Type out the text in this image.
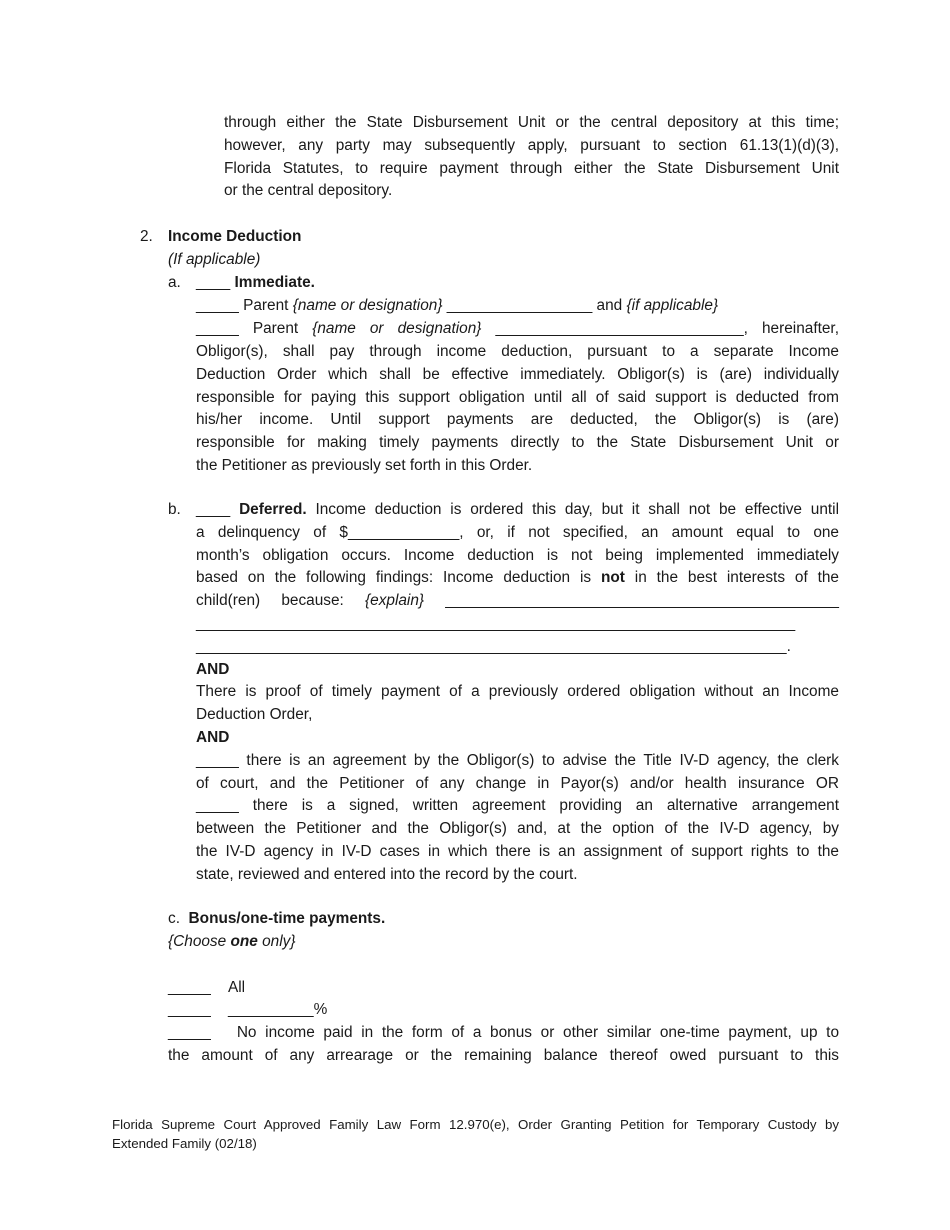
through either the State Disbursement Unit or the central depository at this time;
however, any party may subsequently apply, pursuant to section 61.13(1)(d)(3),
Florida Statutes, to require payment through either the State Disbursement Unit
or the central depository.
2. Income Deduction
(If applicable)
a. ____ Immediate.
_____ Parent {name or designation} _________________ and {if applicable}
_____ Parent {name or designation} _____________________________, hereinafter,
Obligor(s), shall pay through income deduction, pursuant to a separate Income
Deduction Order which shall be effective immediately. Obligor(s) is (are) individually
responsible for paying this support obligation until all of said support is deducted from
his/her income. Until support payments are deducted, the Obligor(s) is (are)
responsible for making timely payments directly to the State Disbursement Unit or
the Petitioner as previously set forth in this Order.
b. ____ Deferred. Income deduction is ordered this day, but it shall not be effective until
a delinquency of $_____________, or, if not specified, an amount equal to one
month’s obligation occurs. Income deduction is not being implemented immediately
based on the following findings: Income deduction is not in the best interests of the
child(ren) because: {explain} ______________________________________________
______________________________________________________________________
_____________________________________________________________________.
AND
There is proof of timely payment of a previously ordered obligation without an Income
Deduction Order,
AND
_____ there is an agreement by the Obligor(s) to advise the Title IV-D agency, the clerk
of court, and the Petitioner of any change in Payor(s) and/or health insurance OR
_____ there is a signed, written agreement providing an alternative arrangement
between the Petitioner and the Obligor(s) and, at the option of the IV-D agency, by
the IV-D agency in IV-D cases in which there is an assignment of support rights to the
state, reviewed and entered into the record by the court.
c. Bonus/one-time payments.
{Choose one only}
_____ All
_____ __________%
_____ No income paid in the form of a bonus or other similar one-time payment, up to
the amount of any arrearage or the remaining balance thereof owed pursuant to this
Florida Supreme Court Approved Family Law Form 12.970(e), Order Granting Petition for Temporary Custody by
Extended Family (02/18)
